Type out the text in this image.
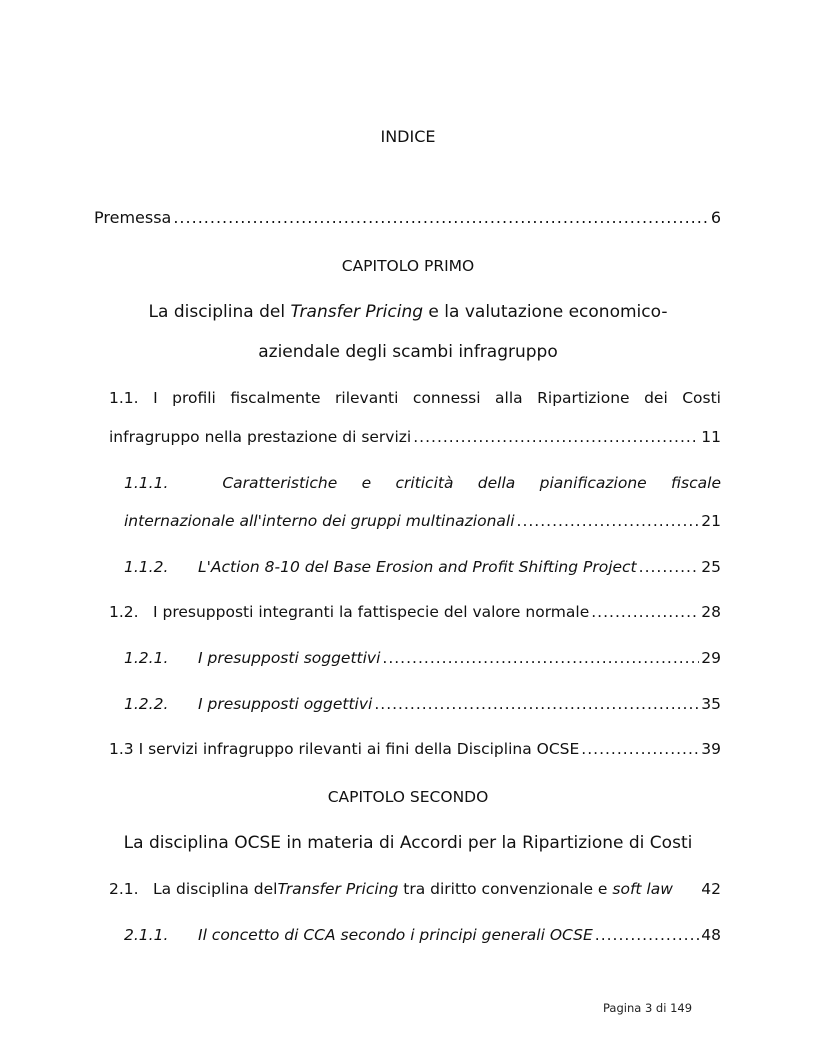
INDICE
Premessa .....	6
CAPITOLO PRIMO
La disciplina del Transfer Pricing e la valutazione economico-
aziendale degli scambi infragruppo
1.1. I profili fiscalmente rilevanti connessi alla Ripartizione dei Costi
infragruppo nella prestazione di servizi .....	11
1.1.1.	Caratteristiche e criticità della pianificazione fiscale
internazionale all'interno dei gruppi multinazionali .....	21
1.1.2.	L'Action 8-10 del Base Erosion and Profit Shifting Project .....	25
1.2. I presupposti integranti la fattispecie del valore normale .....	28
1.2.1.	I presupposti soggettivi .....	29
1.2.2.	I presupposti oggettivi .....	35
1.3 I servizi infragruppo rilevanti ai fini della Disciplina OCSE .....	39
CAPITOLO SECONDO
La disciplina OCSE in materia di Accordi per la Ripartizione di Costi
2.1. La disciplina del Transfer Pricing tra diritto convenzionale e soft law 42
2.1.1.	Il concetto di CCA secondo i principi generali OCSE .....	48
Pagina 3 di 149
